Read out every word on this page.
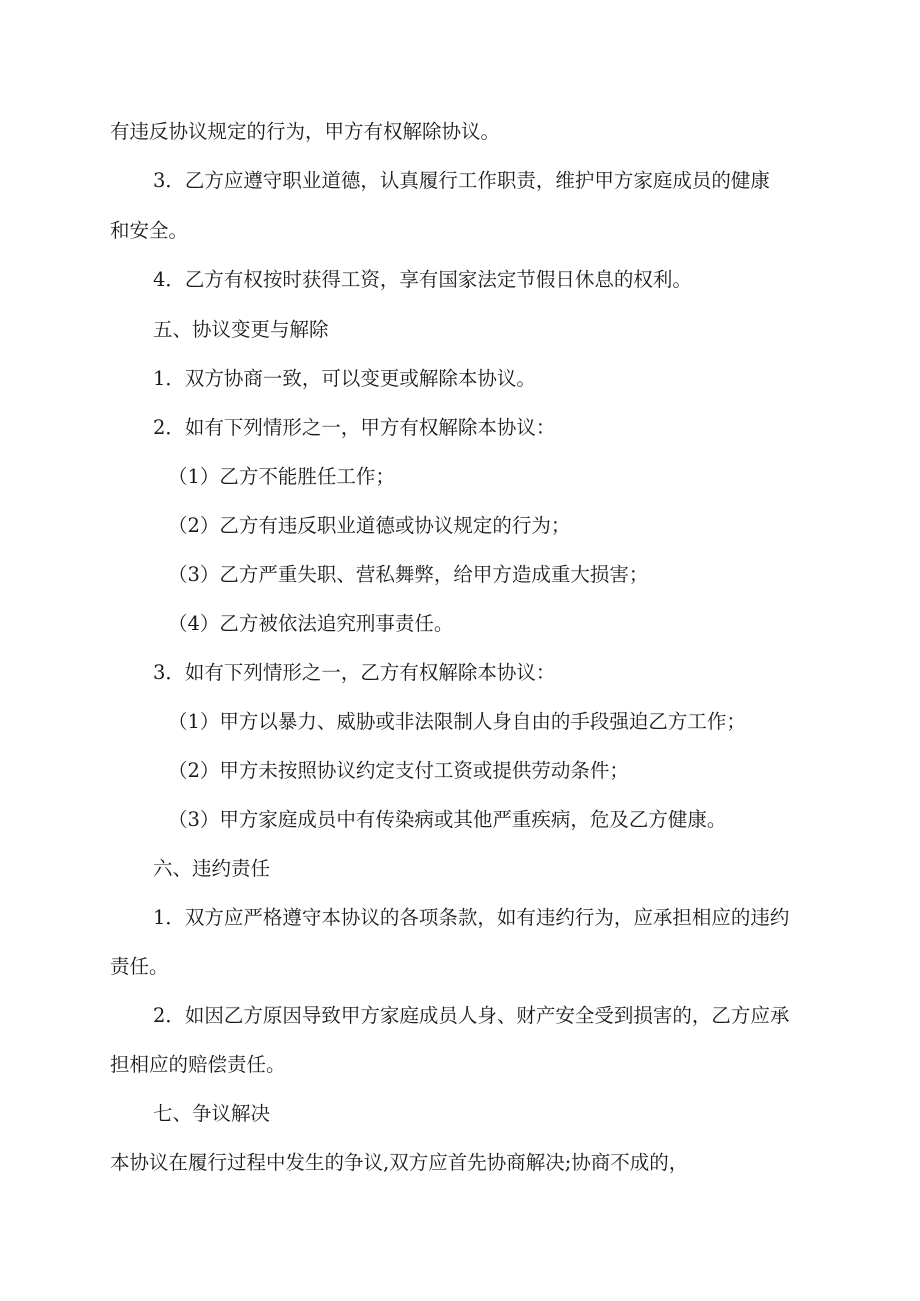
有违反协议规定的行为，甲方有权解除协议。
3．乙方应遵守职业道德，认真履行工作职责，维护甲方家庭成员的健康
和安全。
4．乙方有权按时获得工资，享有国家法定节假日休息的权利。
五、协议变更与解除
1．双方协商一致，可以变更或解除本协议。
2．如有下列情形之一，甲方有权解除本协议：
（1）乙方不能胜任工作；
（2）乙方有违反职业道德或协议规定的行为；
（3）乙方严重失职、营私舞弊，给甲方造成重大损害；
（4）乙方被依法追究刑事责任。
3．如有下列情形之一，乙方有权解除本协议：
（1）甲方以暴力、威胁或非法限制人身自由的手段强迫乙方工作；
（2）甲方未按照协议约定支付工资或提供劳动条件；
（3）甲方家庭成员中有传染病或其他严重疾病，危及乙方健康。
六、违约责任
1．双方应严格遵守本协议的各项条款，如有违约行为，应承担相应的违约
责任。
2．如因乙方原因导致甲方家庭成员人身、财产安全受到损害的，乙方应承
担相应的赔偿责任。
七、争议解决
本协议在履行过程中发生的争议,双方应首先协商解决;协商不成的，
